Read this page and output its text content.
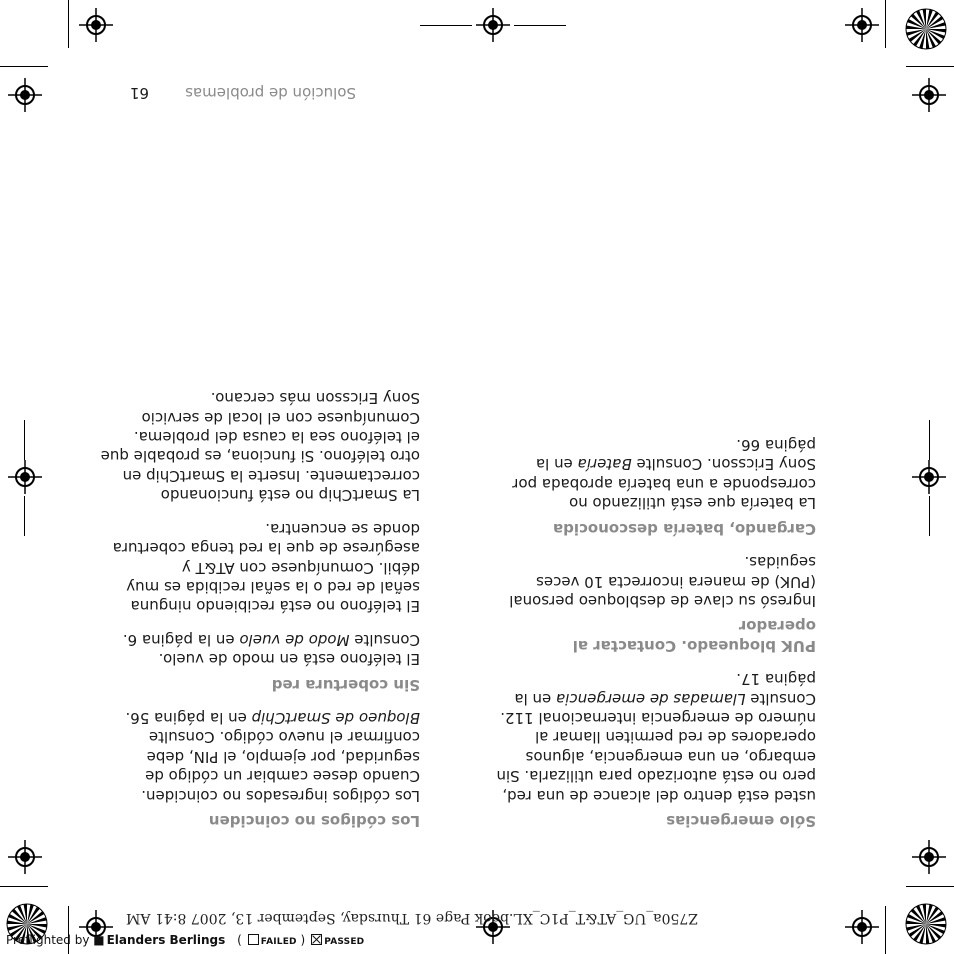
Z750a_UG_AT&T_P1C_XL.book Page 61 Thursday, September 13, 2007 8:41 AM
Sólo emergencias

usted está dentro del alcance de una red, pero no está autorizado para utilizarla. Sin embargo, en una emergencia, algunos operadores de red permiten llamar al número de emergencia internacional 112. Consulte Llamadas de emergencia en la página 17.

PUK bloqueado. Contactar al operador

Ingresó su clave de desbloqueo personal (PUK) de manera incorrecta 10 veces seguidas.

Cargando, batería desconocida

La batería que está utilizando no corresponde a una batería aprobada por Sony Ericsson. Consulte Batería en la página 66.

Los códigos no coinciden

Los códigos ingresados no coinciden. Cuando desee cambiar un código de seguridad, por ejemplo, el PIN, debe confirmar el nuevo código. Consulte Bloqueo de SmartChip en la página 56.

Sin cobertura red

El teléfono está en modo de vuelo. Consulte Modo de vuelo en la página 6.

El teléfono no está recibiendo ninguna señal de red o la señal recibida es muy débil. Comuníquese con AT&T y asegúrese de que la red tenga cobertura donde se encuentra.

La SmartChip no está funcionando correctamente. Inserte la SmartChip en otro teléfono. Si funciona, es probable que el teléfono sea la causa del problema. Comuníquese con el local de servicio Sony Ericsson más cercano.

Solución de problemas
61
Preflighted by ■ Elanders Berlings ( FAILED ) PASSED
